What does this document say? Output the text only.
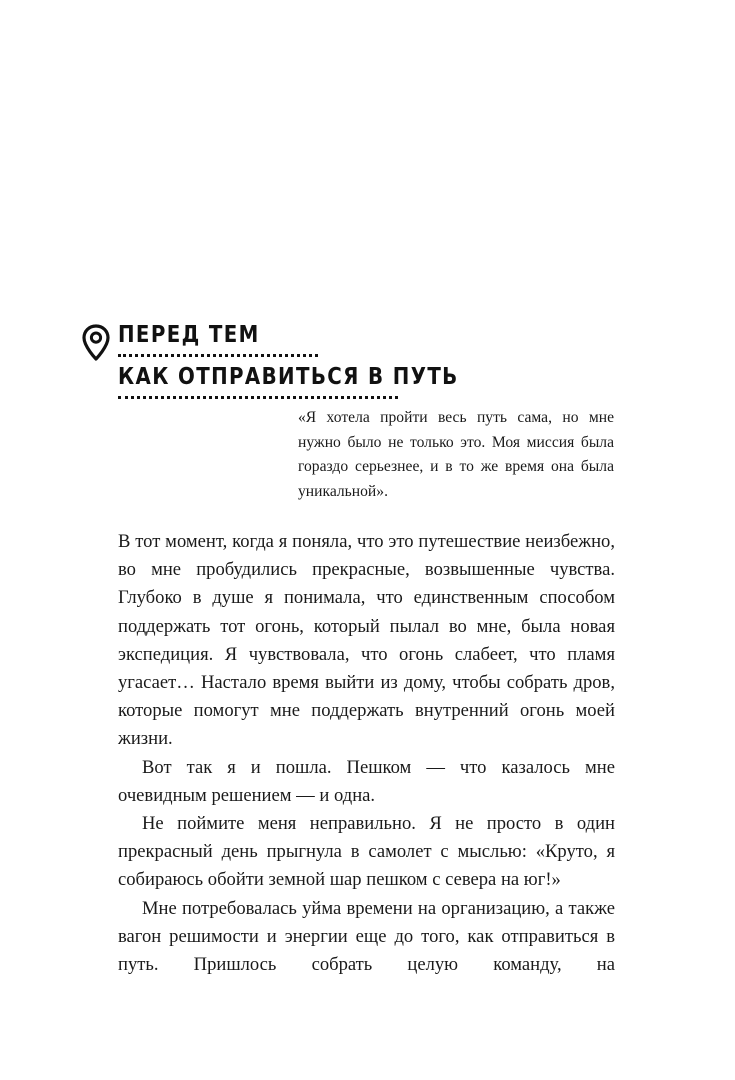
ПЕРЕД ТЕМ
КАК ОТПРАВИТЬСЯ В ПУТЬ
«Я хотела пройти весь путь сама, но мне нужно было не только это. Моя миссия была гораздо серьезнее, и в то же время она была уникальной».

В тот момент, когда я поняла, что это путешествие неизбежно, во мне пробудились прекрасные, возвышенные чувства. Глубоко в душе я понимала, что единственным способом поддержать тот огонь, который пылал во мне, была новая экспедиция. Я чувствовала, что огонь слабеет, что пламя угасает… Настало время выйти из дому, чтобы собрать дров, которые помогут мне поддержать внутренний огонь моей жизни.

Вот так я и пошла. Пешком — что казалось мне очевидным решением — и одна.

Не поймите меня неправильно. Я не просто в один прекрасный день прыгнула в самолет с мыслью: «Круто, я собираюсь обойти земной шар пешком с севера на юг!»

Мне потребовалась уйма времени на организацию, а также вагон решимости и энергии еще до того, как отправиться в путь. Пришлось собрать целую команду, на
